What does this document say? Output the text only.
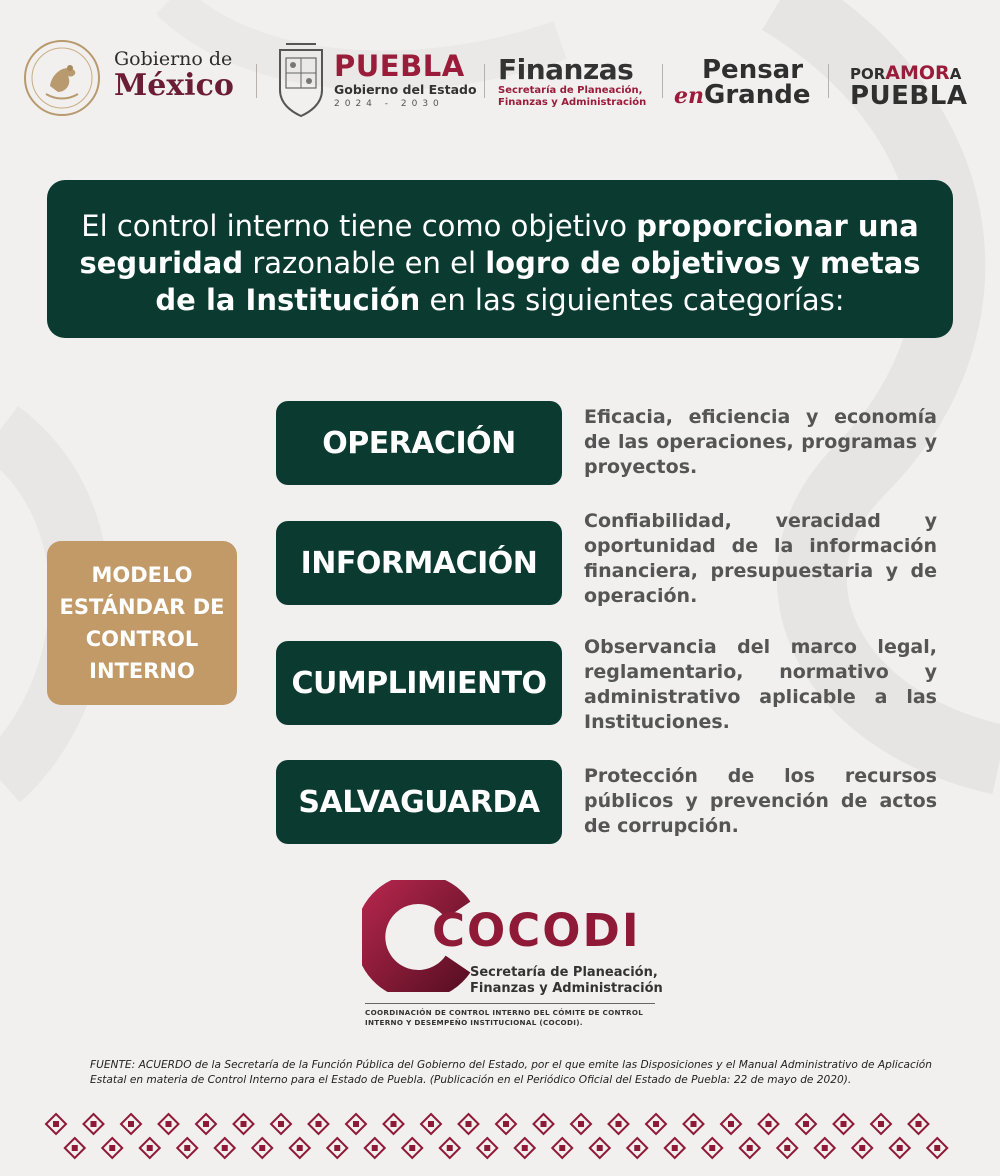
Gobierno de
México
PUEBLA
Gobierno del Estado
2024 - 2030
Finanzas
Secretaría de Planeación,
Finanzas y Administración
Pensar
en Grande
POR AMOR A
PUEBLA
El control interno tiene como objetivo proporcionar una seguridad razonable en el logro de objetivos y metas de la Institución en las siguientes categorías:
MODELO
ESTÁNDAR DE
CONTROL
INTERNO
OPERACIÓN
Eficacia, eficiencia y economía de las operaciones, programas y proyectos.
INFORMACIÓN
Confiabilidad, veracidad y oportunidad de la información financiera, presupuestaria y de operación.
CUMPLIMIENTO
Observancia del marco legal, reglamentario, normativo y administrativo aplicable a las Instituciones.
SALVAGUARDA
Protección de los recursos públicos y prevención de actos de corrupción.
COCODI
Secretaría de Planeación,
Finanzas y Administración
COORDINACIÓN DE CONTROL INTERNO DEL CÓMITE DE CONTROL INTERNO Y DESEMPEÑO INSTITUCIONAL (COCODI).
FUENTE: ACUERDO de la Secretaría de la Función Pública del Gobierno del Estado, por el que emite las Disposiciones y el Manual Administrativo de Aplicación Estatal en materia de Control Interno para el Estado de Puebla. (Publicación en el Periódico Oficial del Estado de Puebla: 22 de mayo de 2020).
